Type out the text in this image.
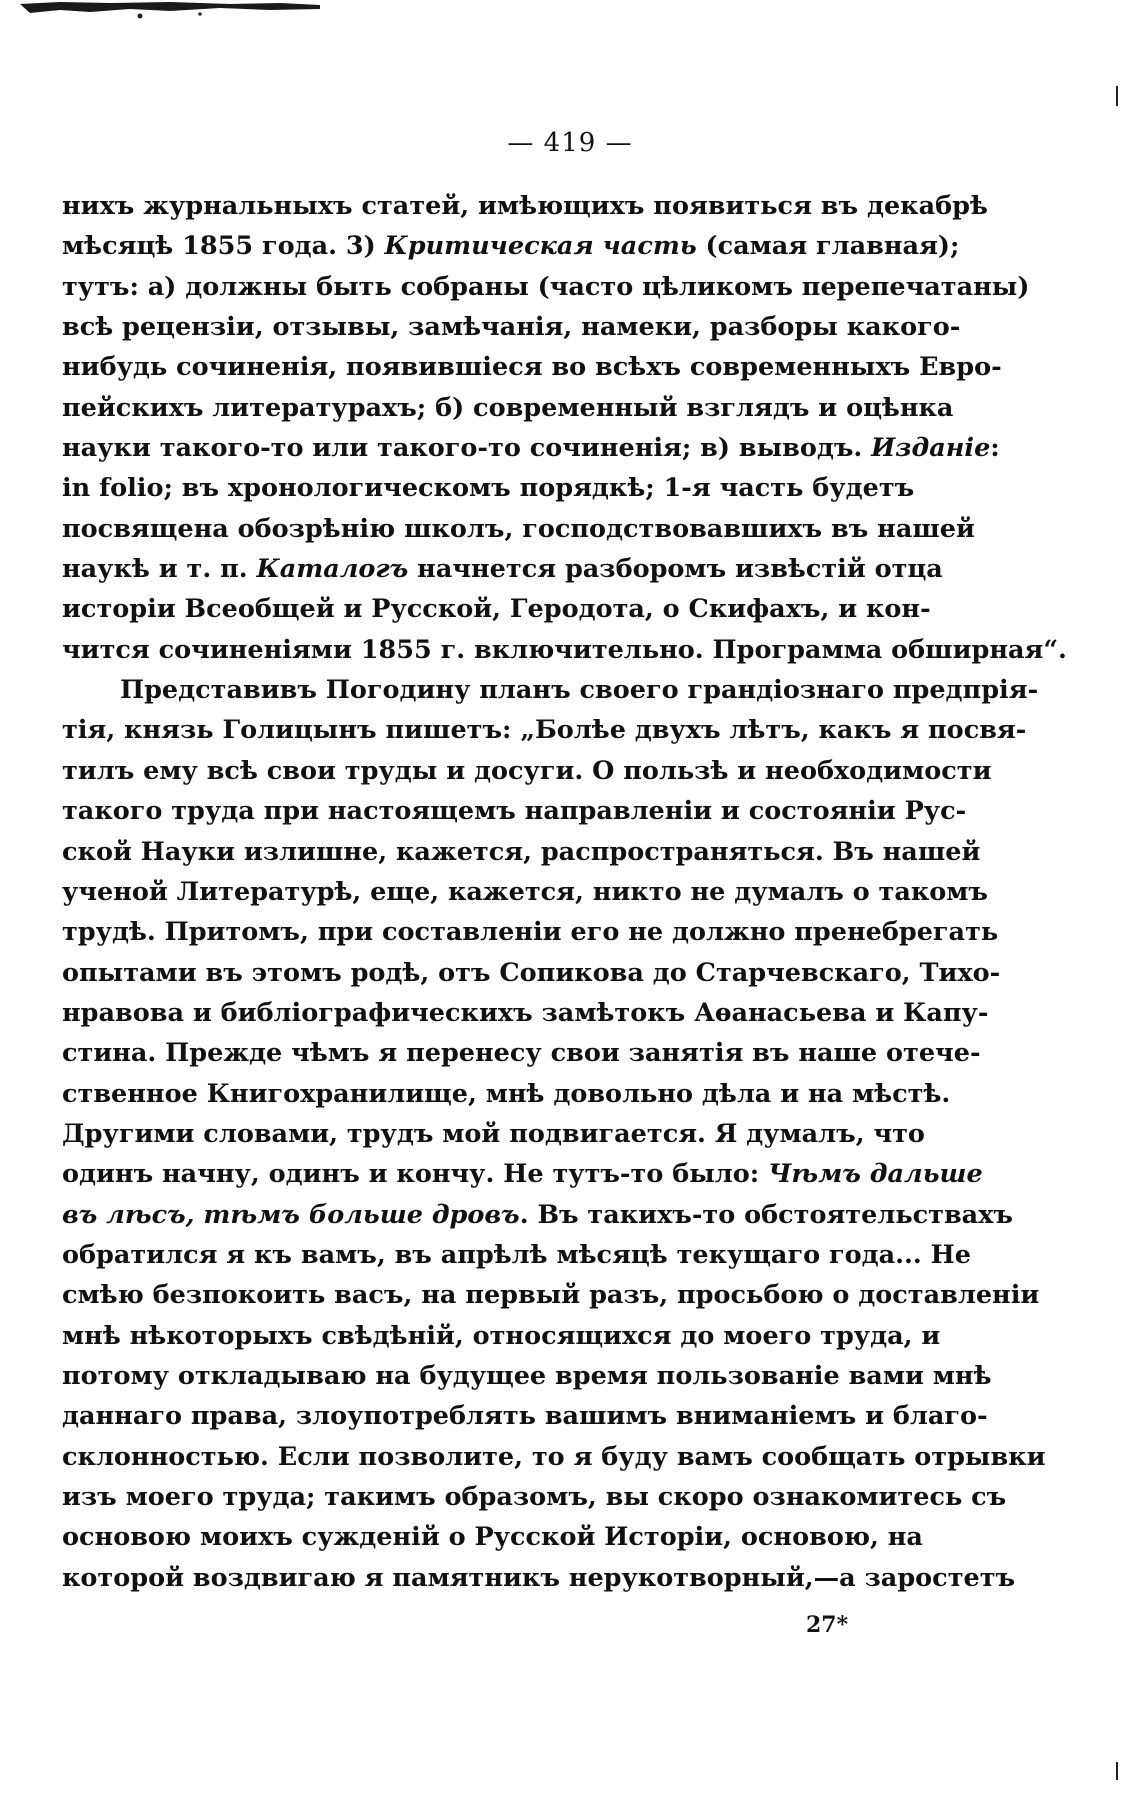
— 419 —
ниxъ журнальныхъ статей, имѣющихъ появиться въ декабрѣ
мѣсяцѣ 1855 года. 3) Критическая часть (самая главная);
тутъ: а) должны быть собраны (часто цѣликомъ перепечатаны)
всѣ рецензіи, отзывы, замѣчанія, намеки, разборы какого-
нибудь сочиненія, появившіеся во всѣхъ современныхъ Евро-
пейскихъ литературахъ; б) современный взглядъ и оцѣнка
науки такого-то или такого-то сочиненія; в) выводъ. Изданіе:
in folio; въ хронологическомъ порядкѣ; 1-я часть будетъ
посвящена обозрѣнію школъ, господствовавшихъ въ нашей
наукѣ и т. п. Каталогъ начнется разборомъ извѣстій отца
исторіи Всеобщей и Русской, Геродота, о Скифахъ, и кон-
чится сочиненіями 1855 г. включительно. Программа обширная“.
Представивъ Погодину планъ своего грандіознаго предпрія-
тія, князь Голицынъ пишетъ: „Болѣе двухъ лѣтъ, какъ я посвя-
тилъ ему всѣ свои труды и досуги. О пользѣ и необходимости
такого труда при настоящемъ направленіи и состояніи Рус-
ской Науки излишне, кажется, распространяться. Въ нашей
ученой Литературѣ, еще, кажется, никто не думалъ о такомъ
трудѣ. Притомъ, при составленіи его не должно пренебрегать
опытами въ этомъ родѣ, отъ Сопикова до Старчевскаго, Тихо-
нравова и библіографическихъ замѣтокъ Аѳанасьева и Капу-
стина. Прежде чѣмъ я перенесу свои занятія въ наше отече-
ственное Книгохранилище, мнѣ довольно дѣла и на мѣстѣ.
Другими словами, трудъ мой подвигается. Я думалъ, что
одинъ начну, одинъ и кончу. Не тутъ-то было: Чѣмъ дальше
въ лѣсъ, тѣмъ больше дровъ. Въ такихъ-то обстоятельствахъ
обратился я къ вамъ, въ апрѣлѣ мѣсяцѣ текущаго года... Не
смѣю безпокоить васъ, на первый разъ, просьбою о доставленіи
мнѣ нѣкоторыхъ свѣдѣній, относящихся до моего труда, и
потому откладываю на будущее время пользованіе вами мнѣ
даннаго права, злоупотреблять вашимъ вниманіемъ и благо-
склонностью. Если позволите, то я буду вамъ сообщать отрывки
изъ моего труда; такимъ образомъ, вы скоро ознакомитесь съ
основою моихъ сужденій о Русской Исторіи, основою, на
которой воздвигаю я памятникъ нерукотворный,—а заростетъ
27*
